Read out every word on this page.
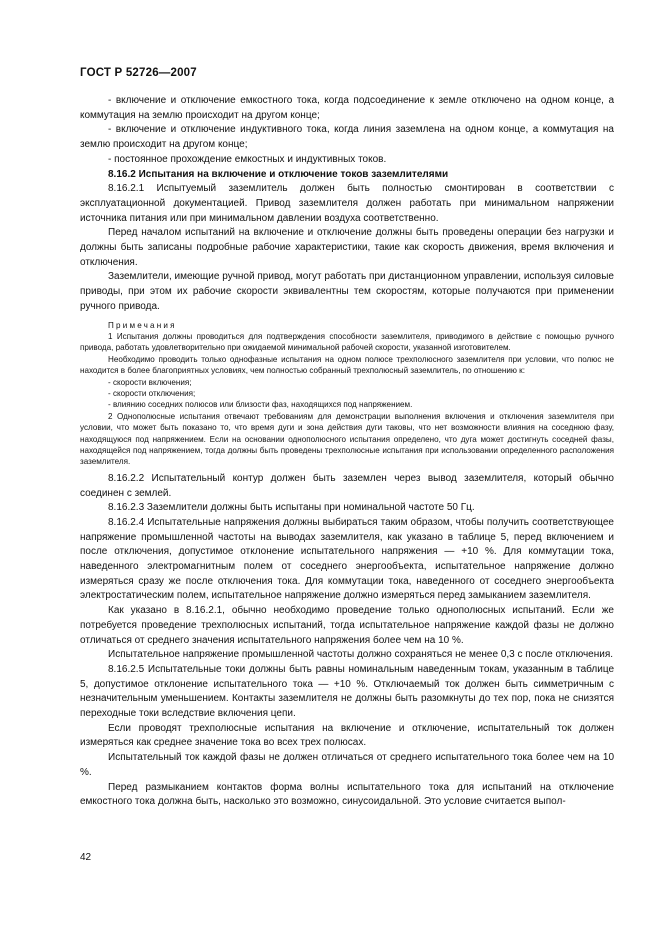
ГОСТ Р 52726—2007

- включение и отключение емкостного тока, когда подсоединение к земле отключено на одном конце, а коммутация на землю происходит на другом конце;

- включение и отключение индуктивного тока, когда линия заземлена на одном конце, а коммутация на землю происходит на другом конце;

- постоянное прохождение емкостных и индуктивных токов.

8.16.2 Испытания на включение и отключение токов заземлителями

8.16.2.1 Испытуемый заземлитель должен быть полностью смонтирован в соответствии с эксплуатационной документацией. Привод заземлителя должен работать при минимальном напряжении источника питания или при минимальном давлении воздуха соответственно.

Перед началом испытаний на включение и отключение должны быть проведены операции без нагрузки и должны быть записаны подробные рабочие характеристики, такие как скорость движения, время включения и отключения.

Заземлители, имеющие ручной привод, могут работать при дистанционном управлении, используя силовые приводы, при этом их рабочие скорости эквивалентны тем скоростям, которые получаются при применении ручного привода.

Примечания

1 Испытания должны проводиться для подтверждения способности заземлителя, приводимого в действие с помощью ручного привода, работать удовлетворительно при ожидаемой минимальной рабочей скорости, указанной изготовителем.

Необходимо проводить только однофазные испытания на одном полюсе трехполюсного заземлителя при условии, что полюс не находится в более благоприятных условиях, чем полностью собранный трехполюсный заземлитель, по отношению к:

- скорости включения;

- скорости отключения;

- влиянию соседних полюсов или близости фаз, находящихся под напряжением.

2 Однополюсные испытания отвечают требованиям для демонстрации выполнения включения и отключения заземлителя при условии, что может быть показано то, что время дуги и зона действия дуги таковы, что нет возможности влияния на соседнюю фазу, находящуюся под напряжением. Если на основании однополюсного испытания определено, что дуга может достигнуть соседней фазы, находящейся под напряжением, тогда должны быть проведены трехполюсные испытания при использовании определенного расположения заземлителя.

8.16.2.2 Испытательный контур должен быть заземлен через вывод заземлителя, который обычно соединен с землей.

8.16.2.3 Заземлители должны быть испытаны при номинальной частоте 50 Гц.

8.16.2.4 Испытательные напряжения должны выбираться таким образом, чтобы получить соответствующее напряжение промышленной частоты на выводах заземлителя, как указано в таблице 5, перед включением и после отключения, допустимое отклонение испытательного напряжения — +10 %. Для коммутации тока, наведенного электромагнитным полем от соседнего энергообъекта, испытательное напряжение должно измеряться сразу же после отключения тока. Для коммутации тока, наведенного от соседнего энергообъекта электростатическим полем, испытательное напряжение должно измеряться перед замыканием заземлителя.

Как указано в 8.16.2.1, обычно необходимо проведение только однополюсных испытаний. Если же потребуется проведение трехполюсных испытаний, тогда испытательное напряжение каждой фазы не должно отличаться от среднего значения испытательного напряжения более чем на 10 %.

Испытательное напряжение промышленной частоты должно сохраняться не менее 0,3 с после отключения.

8.16.2.5 Испытательные токи должны быть равны номинальным наведенным токам, указанным в таблице 5, допустимое отклонение испытательного тока — +10 %. Отключаемый ток должен быть симметричным с незначительным уменьшением. Контакты заземлителя не должны быть разомкнуты до тех пор, пока не снизятся переходные токи вследствие включения цепи.

Если проводят трехполюсные испытания на включение и отключение, испытательный ток должен измеряться как среднее значение тока во всех трех полюсах.

Испытательный ток каждой фазы не должен отличаться от среднего испытательного тока более чем на 10 %.

Перед размыканием контактов форма волны испытательного тока для испытаний на отключение емкостного тока должна быть, насколько это возможно, синусоидальной. Это условие считается выпол-

42
